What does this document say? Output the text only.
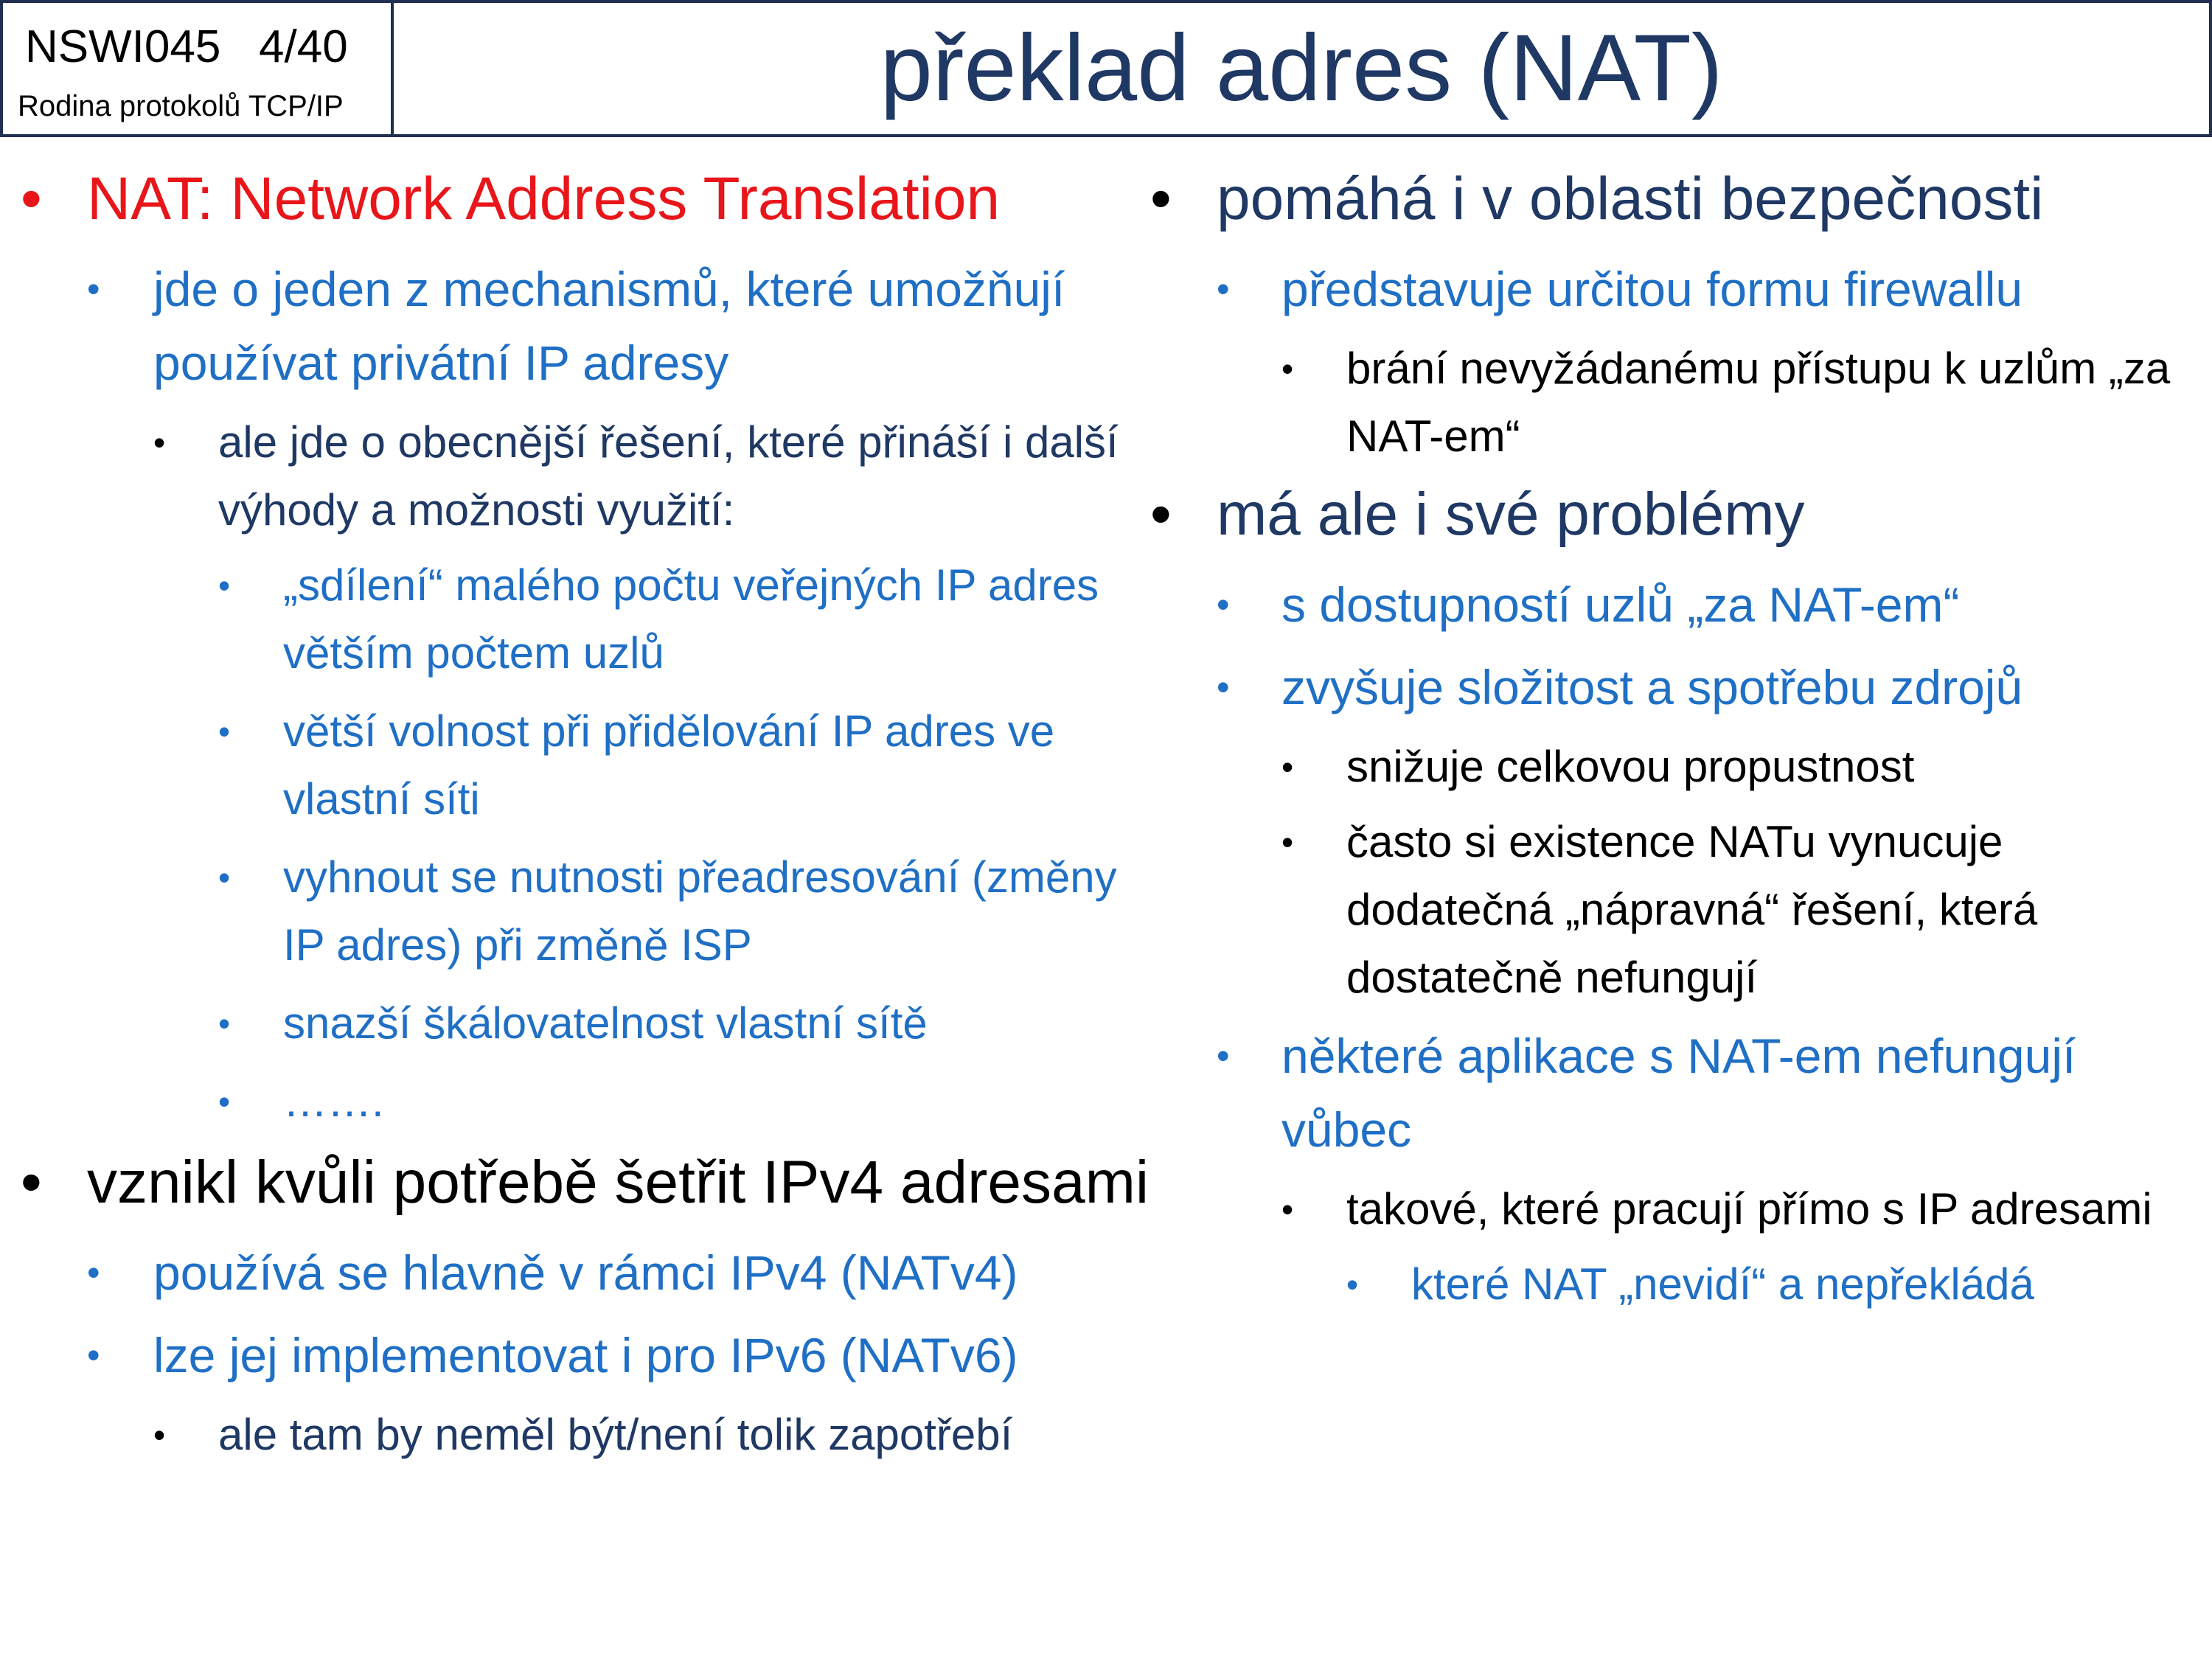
NSWI045 4/40
Rodina protokolů TCP/IP	překlad adres (NAT)
• NAT: Network Address Translation
•	jde o jeden z mechanismů, které umožňují používat privátní IP adresy
•	ale jde o obecnější řešení, které přináší i další výhody a možnosti využití:
•	„sdílení“ malého počtu veřejných IP adres větším počtem uzlů
•	větší volnost při přidělování IP adres ve vlastní síti
•	vyhnout se nutnosti přeadresování (změny IP adres) při změně ISP
•	snazší škálovatelnost vlastní sítě
•	…….
• vznikl kvůli potřebě šetřit IPv4 adresami
•	používá se hlavně v rámci IPv4 (NATv4)
•	lze jej implementovat i pro IPv6 (NATv6)
•	ale tam by neměl být/není tolik zapotřebí
• pomáhá i v oblasti bezpečnosti
•	představuje určitou formu firewallu
•	brání nevyžádanému přístupu k uzlům „za NAT-em“
• má ale i své problémy
•	s dostupností uzlů „za NAT-em“
•	zvyšuje složitost a spotřebu zdrojů
•	snižuje celkovou propustnost
•	často si existence NATu vynucuje dodatečná „nápravná“ řešení, která dostatečně nefungují
•	některé aplikace s NAT-em nefungují vůbec
•	takové, které pracují přímo s IP adresami
•	které NAT „nevidí“ a nepřekládá
